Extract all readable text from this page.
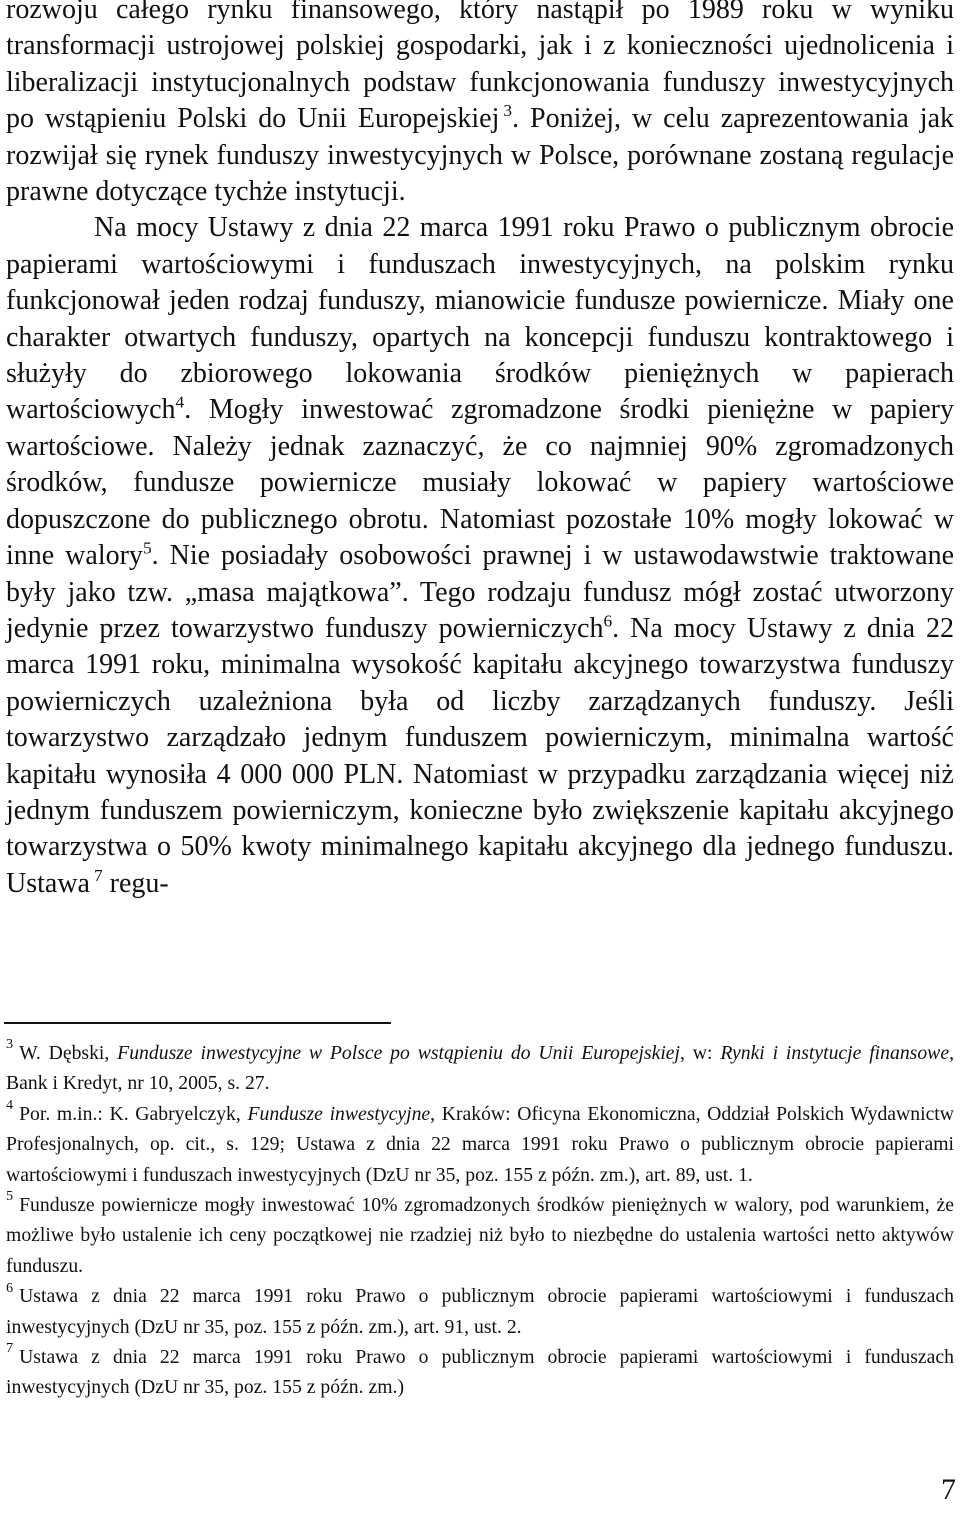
rozwoju całego rynku finansowego, który nastąpił po 1989 roku w wyniku transformacji ustrojowej polskiej gospodarki, jak i z konieczności ujednolicenia i liberalizacji instytucjonalnych podstaw funkcjonowania funduszy inwestycyjnych po wstąpieniu Polski do Unii Europejskiej $^3$. Poniżej, w celu zaprezentowania jak rozwijał się rynek funduszy inwestycyjnych w Polsce, porównane zostaną regulacje prawne dotyczące tychże instytucji.

Na mocy Ustawy z dnia 22 marca 1991 roku Prawo o publicznym obrocie papierami wartościowymi i funduszach inwestycyjnych, na polskim rynku funkcjonował jeden rodzaj funduszy, mianowicie fundusze powiernicze. Miały one charakter otwartych funduszy, opartych na koncepcji funduszu kontraktowego i służyły do zbiorowego lokowania środków pieniężnych w papierach wartościowych$^4$. Mogły inwestować zgromadzone środki pieniężne w papiery wartościowe. Należy jednak zaznaczyć, że co najmniej 90% zgromadzonych środków, fundusze powiernicze musiały lokować w papiery wartościowe dopuszczone do publicznego obrotu. Natomiast pozostałe 10% mogły lokować w inne walory$^5$. Nie posiadały osobowości prawnej i w ustawodawstwie traktowane były jako tzw. „masa majątkowa”. Tego rodzaju fundusz mógł zostać utworzony jedynie przez towarzystwo funduszy powierniczych$^6$. Na mocy Ustawy z dnia 22 marca 1991 roku, minimalna wysokość kapitału akcyjnego towarzystwa funduszy powierniczych uzależniona była od liczby zarządzanych funduszy. Jeśli towarzystwo zarządzało jednym funduszem powierniczym, minimalna wartość kapitału wynosiła 4 000 000 PLN. Natomiast w przypadku zarządzania więcej niż jednym funduszem powierniczym, konieczne było zwiększenie kapitału akcyjnego towarzystwa o 50% kwoty minimalnego kapitału akcyjnego dla jednego funduszu. Ustawa $^7$ regu-

$^3$ W. Dębski, Fundusze inwestycyjne w Polsce po wstąpieniu do Unii Europejskiej, w: Rynki i instytucje finansowe, Bank i Kredyt, nr 10, 2005, s. 27.

$^4$ Por. m.in.: K. Gabryelczyk, Fundusze inwestycyjne, Kraków: Oficyna Ekonomiczna, Oddział Polskich Wydawnictw Profesjonalnych, op. cit., s. 129; Ustawa z dnia 22 marca 1991 roku Prawo o publicznym obrocie papierami wartościowymi i funduszach inwestycyjnych (DzU nr 35, poz. 155 z późn. zm.), art. 89, ust. 1.

$^5$ Fundusze powiernicze mogły inwestować 10% zgromadzonych środków pieniężnych w walory, pod warunkiem, że możliwe było ustalenie ich ceny początkowej nie rzadziej niż było to niezbędne do ustalenia wartości netto aktywów funduszu.

$^6$ Ustawa z dnia 22 marca 1991 roku Prawo o publicznym obrocie papierami wartościowymi i funduszach inwestycyjnych (DzU nr 35, poz. 155 z późn. zm.), art. 91, ust. 2.

$^7$ Ustawa z dnia 22 marca 1991 roku Prawo o publicznym obrocie papierami wartościowymi i funduszach inwestycyjnych (DzU nr 35, poz. 155 z późn. zm.)

7
